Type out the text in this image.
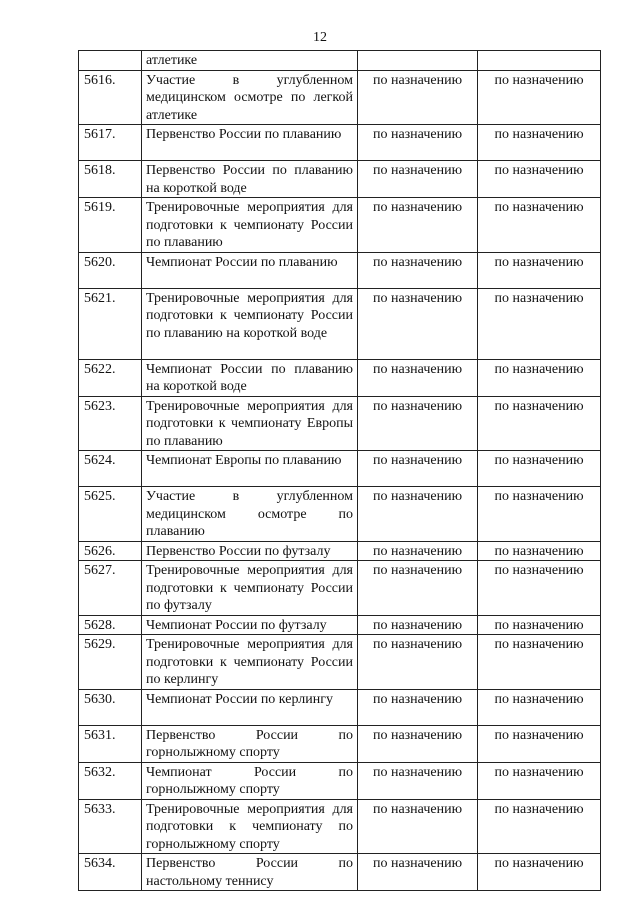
12
	атлетике		
5616.	Участие в углубленном медицинском осмотре по легкой атлетике	по назначению	по назначению
5617.	Первенство России по плаванию	по назначению	по назначению
5618.	Первенство России по плаванию на короткой воде	по назначению	по назначению
5619.	Тренировочные мероприятия для подготовки к чемпионату России по плаванию	по назначению	по назначению
5620.	Чемпионат России по плаванию	по назначению	по назначению
5621.	Тренировочные мероприятия для подготовки к чемпионату России по плаванию на короткой воде	по назначению	по назначению
5622.	Чемпионат России по плаванию на короткой воде	по назначению	по назначению
5623.	Тренировочные мероприятия для подготовки к чемпионату Европы по плаванию	по назначению	по назначению
5624.	Чемпионат Европы по плаванию	по назначению	по назначению
5625.	Участие в углубленном медицинском осмотре по плаванию	по назначению	по назначению
5626.	Первенство России по футзалу	по назначению	по назначению
5627.	Тренировочные мероприятия для подготовки к чемпионату России по футзалу	по назначению	по назначению
5628.	Чемпионат России по футзалу	по назначению	по назначению
5629.	Тренировочные мероприятия для подготовки к чемпионату России по керлингу	по назначению	по назначению
5630.	Чемпионат России по керлингу	по назначению	по назначению
5631.	Первенство России по горнолыжному спорту	по назначению	по назначению
5632.	Чемпионат России по горнолыжному спорту	по назначению	по назначению
5633.	Тренировочные мероприятия для подготовки к чемпионату по горнолыжному спорту	по назначению	по назначению
5634.	Первенство России по настольному теннису	по назначению	по назначению
